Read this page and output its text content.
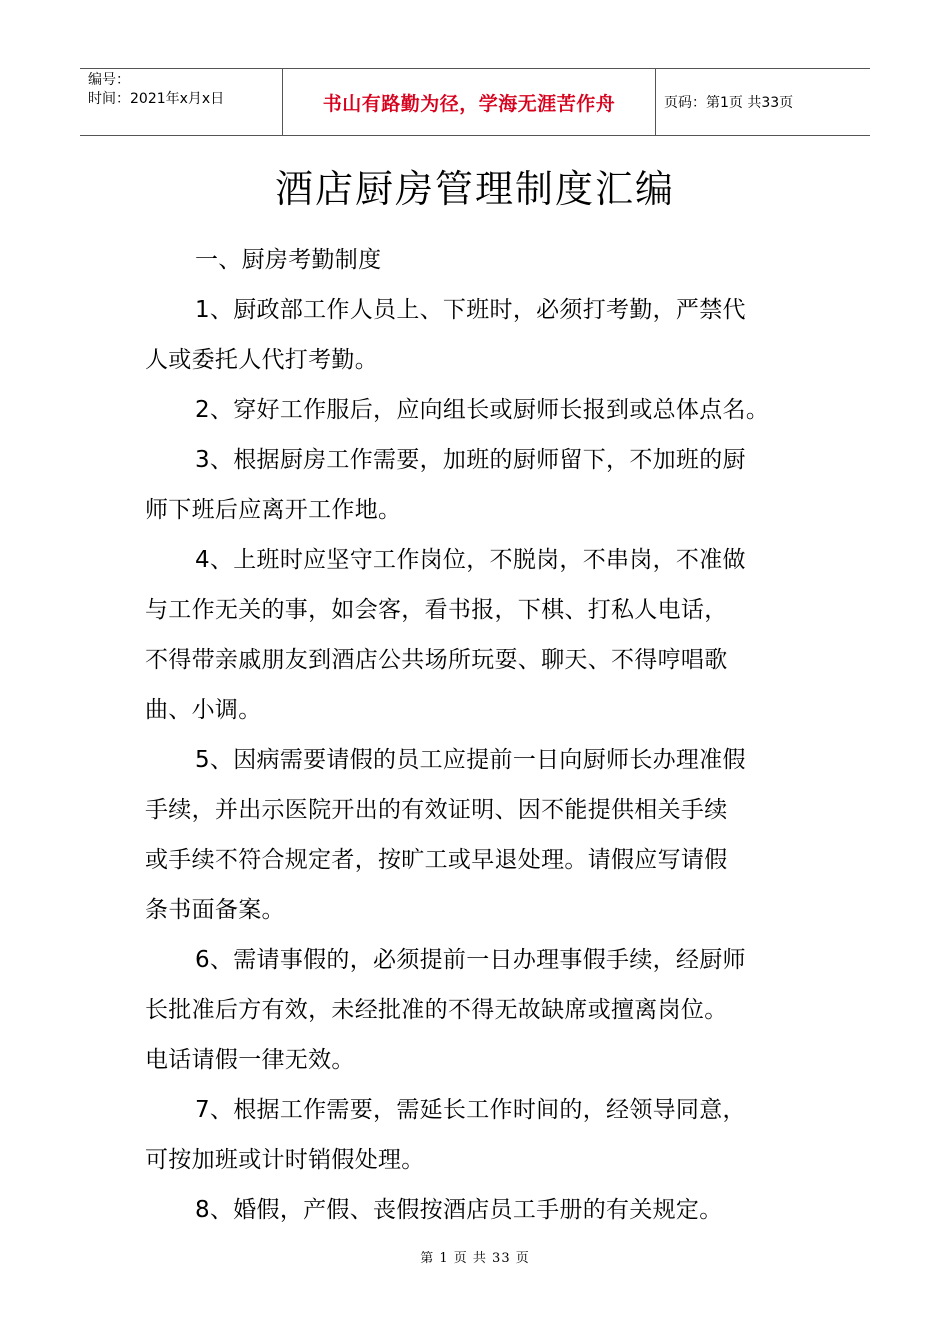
编号：
时间：2021年x月x日	书山有路勤为径，学海无涯苦作舟	页码：第1页 共33页
酒店厨房管理制度汇编
一、厨房考勤制度
1、厨政部工作人员上、下班时，必须打考勤，严禁代
人或委托人代打考勤。
2、穿好工作服后，应向组长或厨师长报到或总体点名。
3、根据厨房工作需要，加班的厨师留下，不加班的厨
师下班后应离开工作地。
4、上班时应坚守工作岗位，不脱岗，不串岗，不准做
与工作无关的事，如会客，看书报，下棋、打私人电话，
不得带亲戚朋友到酒店公共场所玩耍、聊天、不得哼唱歌
曲、小调。
5、因病需要请假的员工应提前一日向厨师长办理准假
手续，并出示医院开出的有效证明、因不能提供相关手续
或手续不符合规定者，按旷工或早退处理。请假应写请假
条书面备案。
6、需请事假的，必须提前一日办理事假手续，经厨师
长批准后方有效，未经批准的不得无故缺席或擅离岗位。
电话请假一律无效。
7、根据工作需要，需延长工作时间的，经领导同意，
可按加班或计时销假处理。
8、婚假，产假、丧假按酒店员工手册的有关规定。
第 1 页 共 33 页
